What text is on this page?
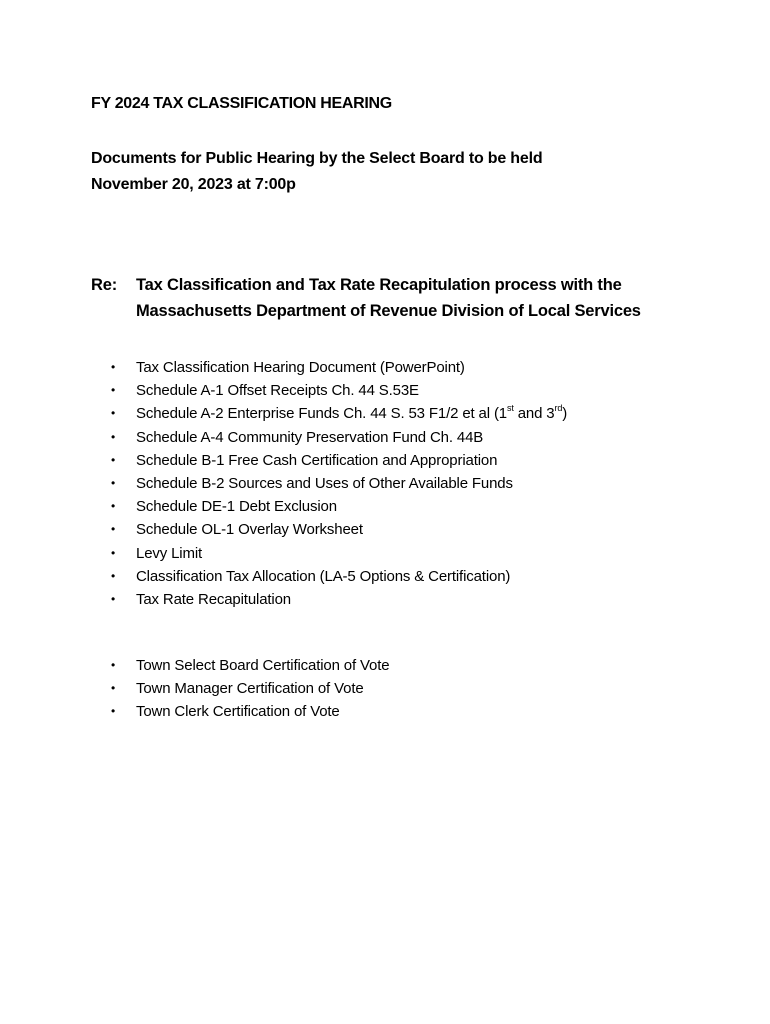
FY 2024 TAX CLASSIFICATION HEARING
Documents for Public Hearing by the Select Board to be held
November 20, 2023 at 7:00p
Re: Tax Classification and Tax Rate Recapitulation process with the
Massachusetts Department of Revenue Division of Local Services
• Tax Classification Hearing Document (PowerPoint)
• Schedule A-1 Offset Receipts Ch. 44 S.53E
• Schedule A-2 Enterprise Funds Ch. 44 S. 53 F1/2 et al (1st and 3rd)
• Schedule A-4 Community Preservation Fund Ch. 44B
• Schedule B-1 Free Cash Certification and Appropriation
• Schedule B-2 Sources and Uses of Other Available Funds
• Schedule DE-1 Debt Exclusion
• Schedule OL-1 Overlay Worksheet
• Levy Limit
• Classification Tax Allocation (LA-5 Options & Certification)
• Tax Rate Recapitulation
• Town Select Board Certification of Vote
• Town Manager Certification of Vote
• Town Clerk Certification of Vote
